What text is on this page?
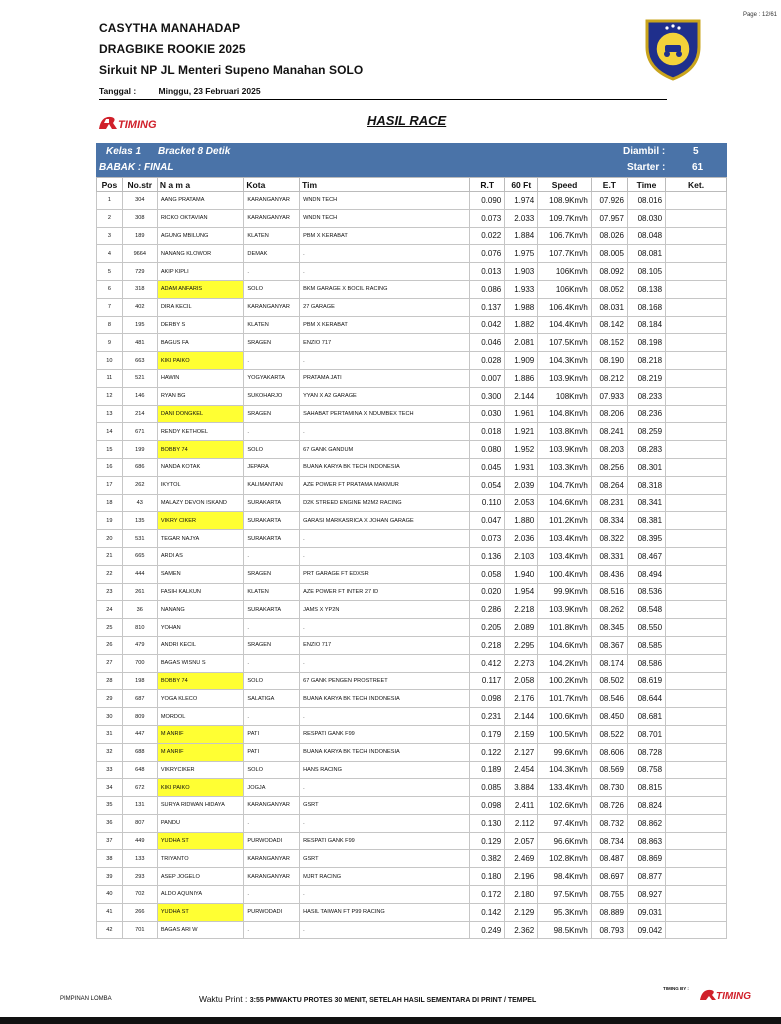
Page : 12/61
CASYTHA MANAHADAP
DRAGBIKE ROOKIE 2025
Sirkuit NP JL Menteri Supeno Manahan SOLO
Tanggal :	Minggu, 23 Februari 2025
TIMING	HASIL RACE
Kelas 1 Bracket 8 Detik
BABAK : FINAL
Diambil :	5
Starter :	61
Pos	No.str	N a m a	Kota	Tim	R.T	60 Ft	Speed	E.T	Time	Ket.
1	304	AANG PRATAMA	KARANGANYAR	WNDN TECH	0.090	1.974	108.9Km/h	07.926	08.016	
2	308	RICKO OKTAVIAN	KARANGANYAR	WNDN TECH	0.073	2.033	109.7Km/h	07.957	08.030	
3	189	AGUNG MBILUNG	KLATEN	PBM X KERABAT	0.022	1.884	106.7Km/h	08.026	08.048	
4	9664	NANANG KLOWOR	DEMAK	.	0.076	1.975	107.7Km/h	08.005	08.081	
5	729	AKIP KIPLI	.	.	0.013	1.903	106Km/h	08.092	08.105	
6	318	ADAM ANFARIS	SOLO	BKM GARAGE X BOCIL RACING	0.086	1.933	106Km/h	08.052	08.138	
7	402	DIRA KECIL	KARANGANYAR	27 GARAGE	0.137	1.988	106.4Km/h	08.031	08.168	
8	195	DERBY S	KLATEN	PBM X KERABAT	0.042	1.882	104.4Km/h	08.142	08.184	
9	481	BAGUS FA	SRAGEN	ENZIO 717	0.046	2.081	107.5Km/h	08.152	08.198	
10	663	KIKI PAIKO	.	.	0.028	1.909	104.3Km/h	08.190	08.218	
11	521	HAWIN	YOGYAKARTA	PRATAMA JATI	0.007	1.886	103.9Km/h	08.212	08.219	
12	146	RYAN BG	SUKOHARJO	YYAN X A2 GARAGE	0.300	2.144	108Km/h	07.933	08.233	
13	214	DANI DONGKEL	SRAGEN	SAHABAT PERTAMINA X NDUMBEX TECH	0.030	1.961	104.8Km/h	08.206	08.236	
14	671	RENDY KETHOEL	.	.	0.018	1.921	103.8Km/h	08.241	08.259	
15	199	BOBBY 74	SOLO	67 GANK GANDUM	0.080	1.952	103.9Km/h	08.203	08.283	
16	686	NANDA KOTAK	JEPARA	BUANA KARYA BK TECH INDONESIA	0.045	1.931	103.3Km/h	08.256	08.301	
17	262	IKYTOL	KALIMANTAN	AZE POWER FT PRATAMA MAKMUR	0.054	2.039	104.7Km/h	08.264	08.318	
18	43	MALAZY DEVON ISKAND	SURAKARTA	D2K STREED ENGINE M2M2 RACING	0.110	2.053	104.6Km/h	08.231	08.341	
19	135	VIKRY CIKER	SURAKARTA	GARASI MARKASRICA X JOHAN GARAGE	0.047	1.880	101.2Km/h	08.334	08.381	
20	531	TEGAR NAJYA	SURAKARTA	.	0.073	2.036	103.4Km/h	08.322	08.395	
21	665	ARDI AS	.	.	0.136	2.103	103.4Km/h	08.331	08.467	
22	444	SAMEN	SRAGEN	PRT GARAGE FT EDXSR	0.058	1.940	100.4Km/h	08.436	08.494	
23	261	FASIH KALKUN	KLATEN	AZE POWER FT INTER 27 ID	0.020	1.954	99.9Km/h	08.516	08.536	
24	36	NANANG	SURAKARTA	JAMS X YP2N	0.286	2.218	103.9Km/h	08.262	08.548	
25	810	YOHAN	.	.	0.205	2.089	101.8Km/h	08.345	08.550	
26	479	ANDRI KECIL	SRAGEN	ENZIO 717	0.218	2.295	104.6Km/h	08.367	08.585	
27	700	BAGAS WISNU S	.	.	0.412	2.273	104.2Km/h	08.174	08.586	
28	198	BOBBY 74	SOLO	67 GANK PENGEN PROSTREET	0.117	2.058	100.2Km/h	08.502	08.619	
29	687	YOGA KLECO	SALATIGA	BUANA KARYA BK TECH INDONESIA	0.098	2.176	101.7Km/h	08.546	08.644	
30	809	MORDOL	.	.	0.231	2.144	100.6Km/h	08.450	08.681	
31	447	M ANRIF	PATI	RESPATI GANK F99	0.179	2.159	100.5Km/h	08.522	08.701	
32	688	M ANRIF	PATI	BUANA KARYA BK TECH INDONESIA	0.122	2.127	99.6Km/h	08.606	08.728	
33	648	VIKRYCIKER	SOLO	HANS RACING	0.189	2.454	104.3Km/h	08.569	08.758	
34	672	KIKI PAIKO	JOGJA	.	0.085	3.884	133.4Km/h	08.730	08.815	
35	131	SURYA RIDWAN HIDAYA	KARANGANYAR	GSRT	0.098	2.411	102.6Km/h	08.726	08.824	
36	807	PANDU	.	.	0.130	2.112	97.4Km/h	08.732	08.862	
37	449	YUDHA ST	PURWODADI	RESPATI GANK F99	0.129	2.057	96.6Km/h	08.734	08.863	
38	133	TRIYANTO	KARANGANYAR	GSRT	0.382	2.469	102.8Km/h	08.487	08.869	
39	293	ASEP JOGELO	KARANGANYAR	MJRT RACING	0.180	2.196	98.4Km/h	08.697	08.877	
40	702	ALDO AQUNIYA	.	.	0.172	2.180	97.5Km/h	08.755	08.927	
41	266	YUDHA ST	PURWODADI	HASIL TAIWAN FT P99 RACING	0.142	2.129	95.3Km/h	08.889	09.031	
42	701	BAGAS ARI W	.	.	0.249	2.362	98.5Km/h	08.793	09.042	
PIMPINAN LOMBA	Waktu Print : 3:55 PMWAKTU PROTES 30 MENIT, SETELAH HASIL SEMENTARA DI PRINT / TEMPEL
TIMING BY :
TIMING
